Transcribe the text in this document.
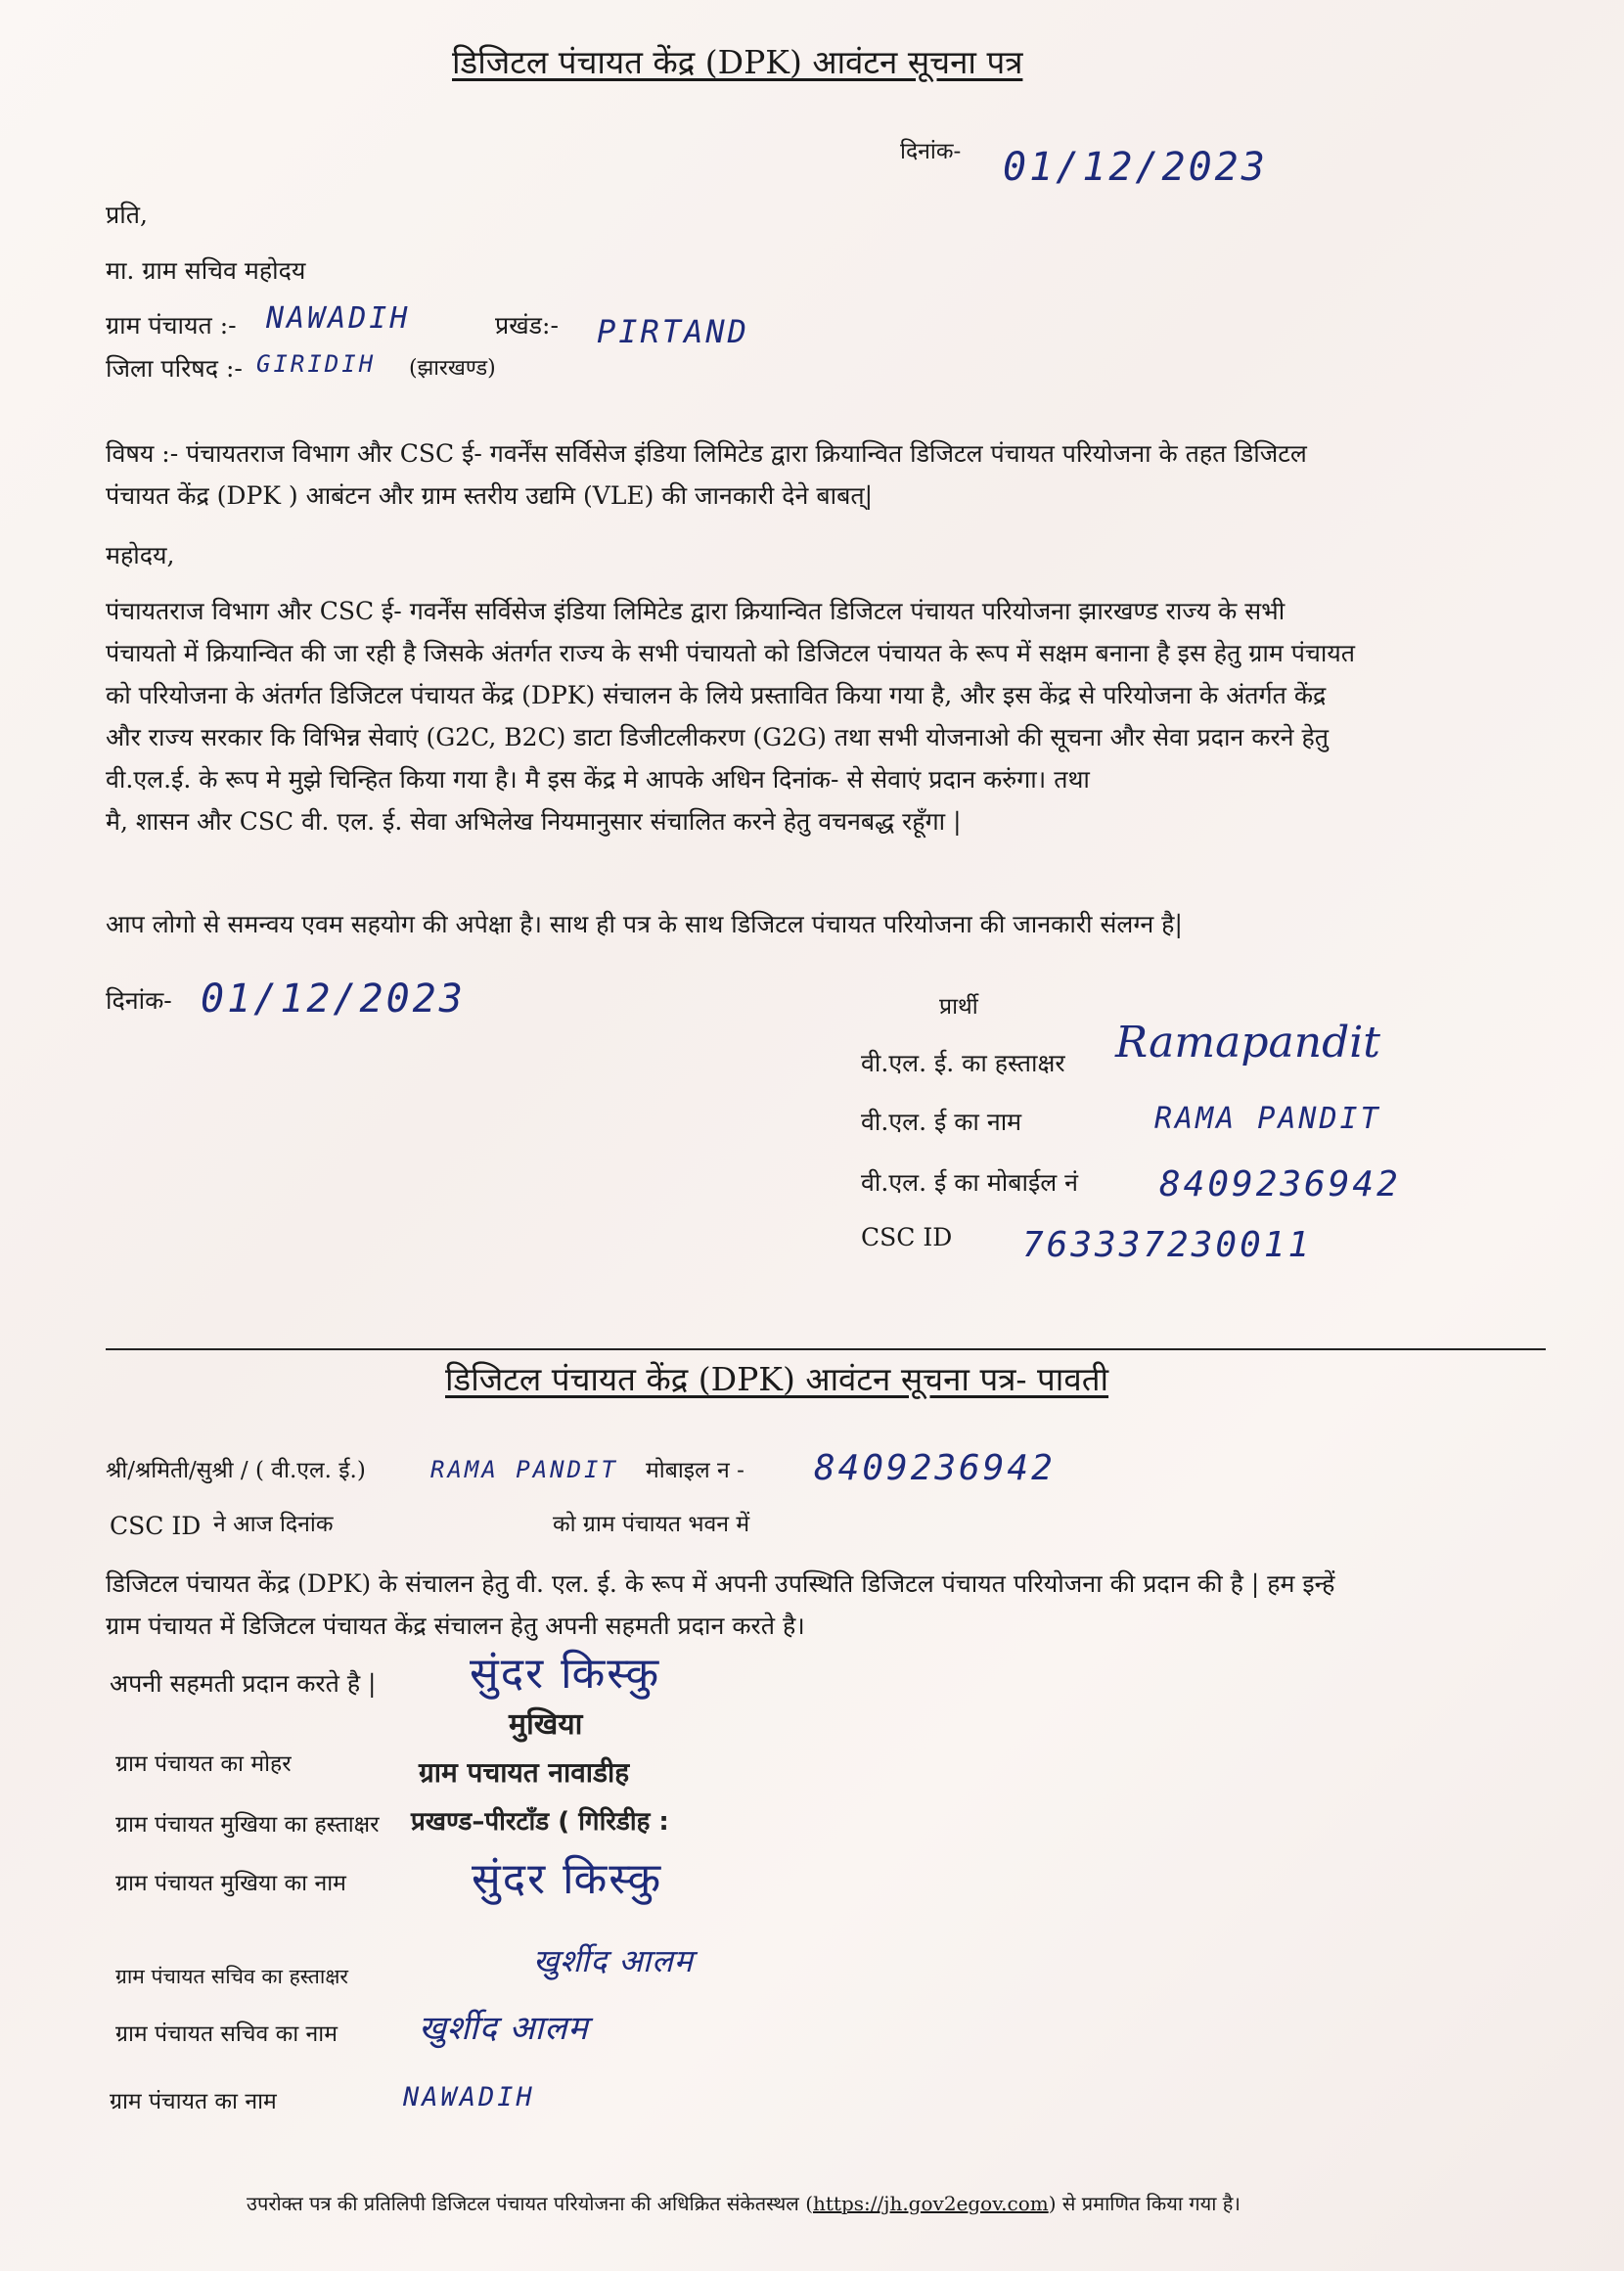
डिजिटल पंचायत केंद्र (DPK) आवंटन सूचना पत्र
दिनांक- 01/12/2023
प्रति,
मा. ग्राम सचिव महोदय
ग्राम पंचायत :- NAWADIH	प्रखंड:- PIRTAND
जिला परिषद :- GIRIDIH (झारखण्ड)
विषय :- पंचायतराज विभाग और CSC ई- गवर्नेंस सर्विसेज इंडिया लिमिटेड द्वारा क्रियान्वित डिजिटल पंचायत परियोजना के तहत डिजिटल
पंचायत केंद्र (DPK ) आबंटन और ग्राम स्तरीय उद्यमि (VLE) की जानकारी देने बाबत्|
महोदय,
पंचायतराज विभाग और CSC ई- गवर्नेंस सर्विसेज इंडिया लिमिटेड द्वारा क्रियान्वित डिजिटल पंचायत परियोजना झारखण्ड राज्य के सभी
पंचायतो में क्रियान्वित की जा रही है जिसके अंतर्गत राज्य के सभी पंचायतो को डिजिटल पंचायत के रूप में सक्षम बनाना है इस हेतु ग्राम पंचायत
को परियोजना के अंतर्गत डिजिटल पंचायत केंद्र (DPK) संचालन के लिये प्रस्तावित किया गया है, और इस केंद्र से परियोजना के अंतर्गत केंद्र
और राज्य सरकार कि विभिन्न सेवाएं (G2C, B2C) डाटा डिजीटलीकरण (G2G) तथा सभी योजनाओ की सूचना और सेवा प्रदान करने हेतु
वी.एल.ई. के रूप मे मुझे चिन्हित किया गया है। मै इस केंद्र मे आपके अधिन दिनांक- से सेवाएं प्रदान करुंगा। तथा
मै, शासन और CSC वी. एल. ई. सेवा अभिलेख नियमानुसार संचालित करने हेतु वचनबद्ध रहूँगा |
आप लोगो से समन्वय एवम सहयोग की अपेक्षा है। साथ ही पत्र के साथ डिजिटल पंचायत परियोजना की जानकारी संलग्न है|
दिनांक- 01/12/2023	प्रार्थी
वी.एल. ई. का हस्ताक्षर Ramapandit
वी.एल. ई का नाम	RAMA PANDIT
वी.एल. ई का मोबाईल नं 8409236942
CSC ID 763337230011
डिजिटल पंचायत केंद्र (DPK) आवंटन सूचना पत्र- पावती
श्री/श्रमिती/सुश्री / ( वी.एल. ई.)	RAMA PANDIT मोबाइल न - 8409236942
CSC ID ने आज दिनांक	को ग्राम पंचायत भवन में
डिजिटल पंचायत केंद्र (DPK) के संचालन हेतु वी. एल. ई. के रूप में अपनी उपस्थिति डिजिटल पंचायत परियोजना की प्रदान की है | हम इन्हें
ग्राम पंचायत में डिजिटल पंचायत केंद्र संचालन हेतु अपनी सहमती प्रदान करते है।
अपनी सहमती प्रदान करते है | सुंदर किस्कु
मुखिया
ग्राम पचायत नावाडीह
प्रखण्ड–पीरटाँड ( गिरिडीह :
ग्राम पंचायत का मोहर
ग्राम पंचायत मुखिया का हस्ताक्षर
ग्राम पंचायत मुखिया का नाम	सुंदर किस्कु
ग्राम पंचायत सचिव का हस्ताक्षर	खुर्शीद आलम
ग्राम पंचायत सचिव का नाम खुर्शीद आलम
ग्राम पंचायत का नाम	NAWADIH
उपरोक्त पत्र की प्रतिलिपी डिजिटल पंचायत परियोजना की अधिक्रित संकेतस्थल (https://jh.gov2egov.com) से प्रमाणित किया गया है।
